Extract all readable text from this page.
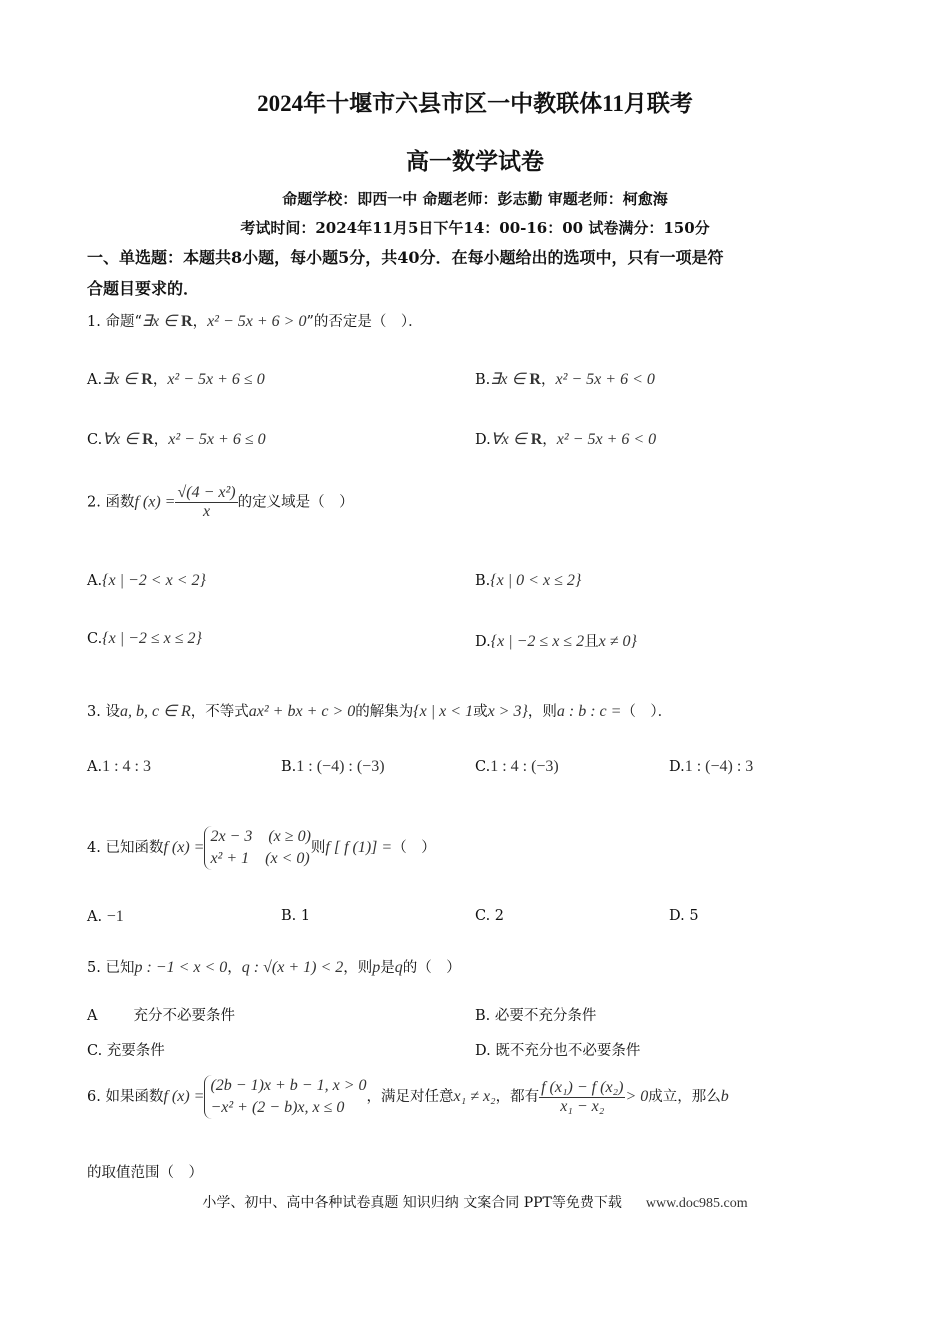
2024年十堰市六县市区一中教联体11月联考
高一数学试卷
命题学校：即西一中 命题老师：彭志勤 审题老师：柯愈海
考试时间：2024年11月5日下午14：00-16：00 试卷满分：150分
一、单选题：本题共8小题，每小题5分，共40分．在每小题给出的选项中，只有一项是符
合题目要求的．
1. 命题“∃x ∈ R，x² − 5x + 6 > 0”的否定是（　）．
A.∃x ∈ R，x² − 5x + 6 ≤ 0	B.∃x ∈ R，x² − 5x + 6 < 0
C.∀x ∈ R，x² − 5x + 6 ≤ 0	D.∀x ∈ R，x² − 5x + 6 < 0
2. 函数f $(x) = \frac{\text{√(4 − x²)}}{x}$ 的定义域是（　）
A.{x | −2 < x < 2}	B.{x | 0 < x ≤ 2}
C.{x | −2 ≤ x ≤ 2}	D.{x | −2 ≤ x ≤ 2且x ≠ 0}
3. 设a, b, c ∈ R，不等式ax² + bx + c > 0的解集为{x | x < 1或x > 3}，则a : b : c =（　）．
A.1 : 4 : 3	B.1 : (−4) : (−3)	C.1 : 4 : (−3)	D.1 : (−4) : 3
4. 已知函数f (x) =
2x − 3　(x ≥ 0)
x² + 1　(x < 0)
则f [ f (1)] =（　）
A. −1	B. 1	C. 2	D. 5
5. 已知p : −1 < x < 0，q : √(x + 1) < 2，则p是q的（　）
A 充分不必要条件	B. 必要不充分条件
C. 充要条件	D. 既不充分也不必要条件
6. 如果函数f (x) =
(2b − 1)x + b − 1, x > 0
−x² + (2 − b)x, x ≤ 0
，满足对任意x₁ ≠ x₂，都有 $\frac{\text{f (x₁) − f (x₂)}}{\text{x₁ − x₂}} > 0$成立，那么b
的取值范围（　）
小学、初中、高中各种试卷真题 知识归纳 文案合同 PPT等免费下载 www.doc985.com
